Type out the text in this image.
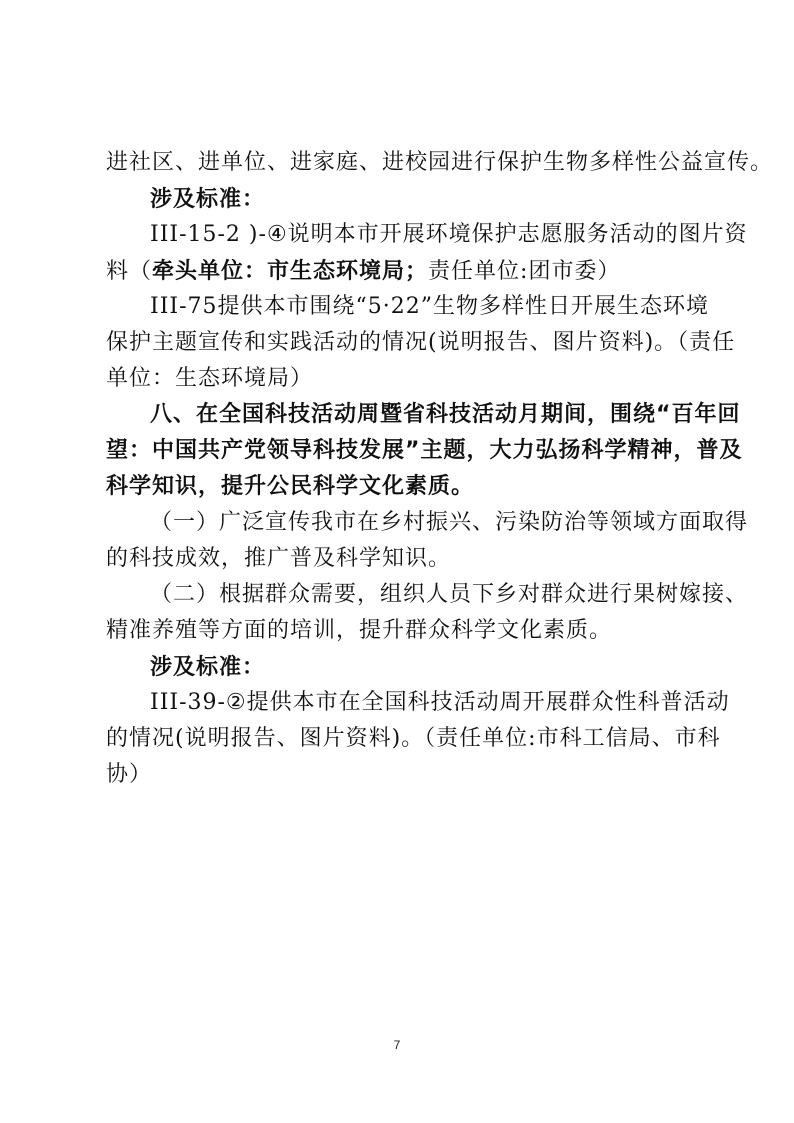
进社区、进单位、进家庭、进校园进行保护生物多样性公益宣传。
涉及标准：
III-15-2 )-④说明本市开展环境保护志愿服务活动的图片资
料（牵头单位：市生态环境局；责任单位:团市委）
III-75提供本市围绕“5·22”生物多样性日开展生态环境
保护主题宣传和实践活动的情况(说明报告、图片资料)。（责任
单位：生态环境局）
八、在全国科技活动周暨省科技活动月期间，围绕“百年回
望：中国共产党领导科技发展”主题，大力弘扬科学精神，普及
科学知识，提升公民科学文化素质。
（一）广泛宣传我市在乡村振兴、污染防治等领域方面取得
的科技成效，推广普及科学知识。
（二）根据群众需要，组织人员下乡对群众进行果树嫁接、
精准养殖等方面的培训，提升群众科学文化素质。
涉及标准：
III-39-②提供本市在全国科技活动周开展群众性科普活动
的情况(说明报告、图片资料)。（责任单位:市科工信局、市科
协）
7
